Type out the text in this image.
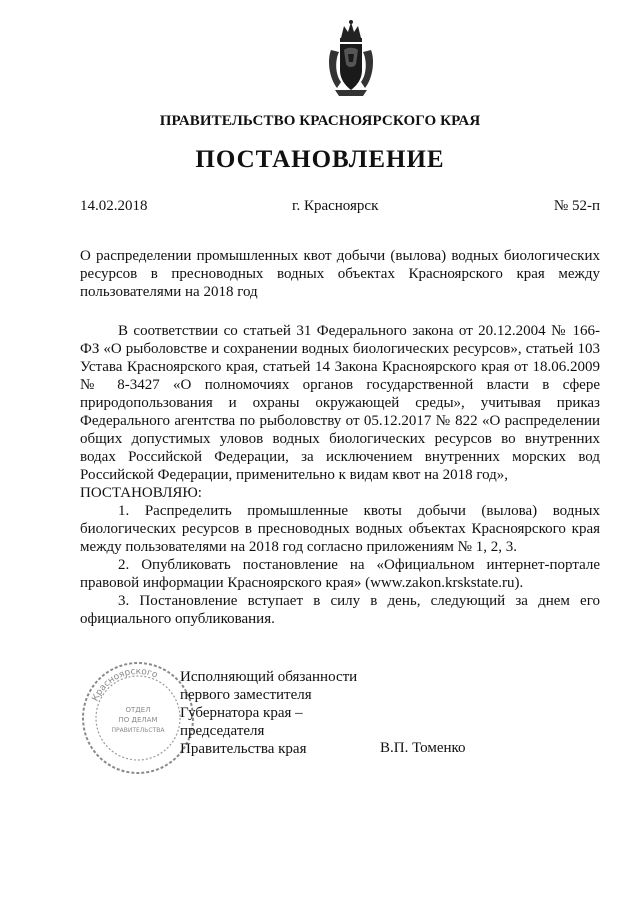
ПРАВИТЕЛЬСТВО КРАСНОЯРСКОГО КРАЯ
ПОСТАНОВЛЕНИЕ
14.02.2018	г. Красноярск	№ 52-п
О распределении промышленных квот добычи (вылова) водных биологических ресурсов в пресноводных водных объектах Красноярского края между пользователями на 2018 год

В соответствии со статьей 31 Федерального закона от 20.12.2004 № 166-ФЗ «О рыболовстве и сохранении водных биологических ресурсов», статьей 103 Устава Красноярского края, статьей 14 Закона Красноярского края от 18.06.2009 № 8-3427 «О полномочиях органов государственной власти в сфере природопользования и охраны окружающей среды», учитывая приказ Федерального агентства по рыболовству от 05.12.2017 № 822 «О распределении общих допустимых уловов водных биологических ресурсов во внутренних водах Российской Федерации, за исключением внутренних морских вод Российской Федерации, применительно к видам квот на 2018 год»,

ПОСТАНОВЛЯЮ:

1. Распределить промышленные квоты добычи (вылова) водных биологических ресурсов в пресноводных водных объектах Красноярского края между пользователями на 2018 год согласно приложениям № 1, 2, 3.

2. Опубликовать постановление на «Официальном интернет-портале правовой информации Красноярского края» (www.zakon.krskstate.ru).

3. Постановление вступает в силу в день, следующий за днем его официального опубликования.

Красноярского
ОТДЕЛ
ПО ДЕЛАМ
ПРАВИТЕЛЬСТВА
Исполняющий обязанности
первого заместителя
Губернатора края –
председателя
Правительства края	В.П. Томенко
